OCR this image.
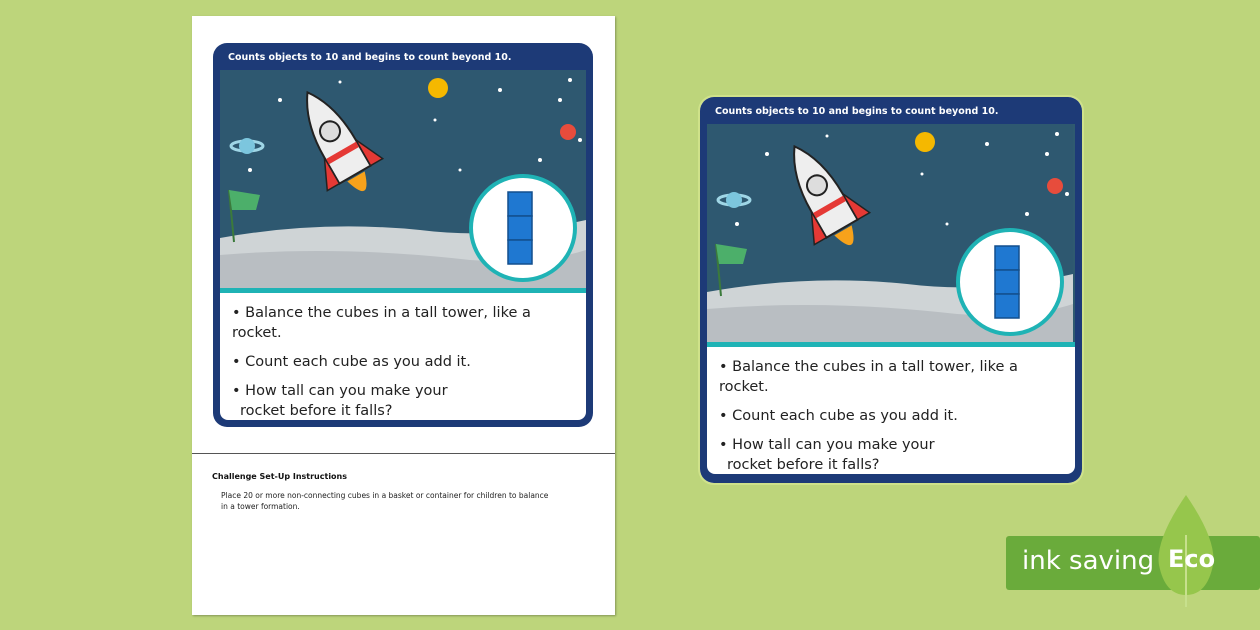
Counts objects to 10 and begins to count beyond 10.

• Balance the cubes in a tall tower, like a rocket.

• Count each cube as you add it.

• How tall can you make your
rocket before it falls?

Challenge Set-Up Instructions
Place 20 or more non-connecting cubes in a basket or container for children to balance in a tower formation.
Counts objects to 10 and begins to count beyond 10.

• Balance the cubes in a tall tower, like a rocket.

• Count each cube as you add it.

• How tall can you make your
rocket before it falls?

ink saving Eco
